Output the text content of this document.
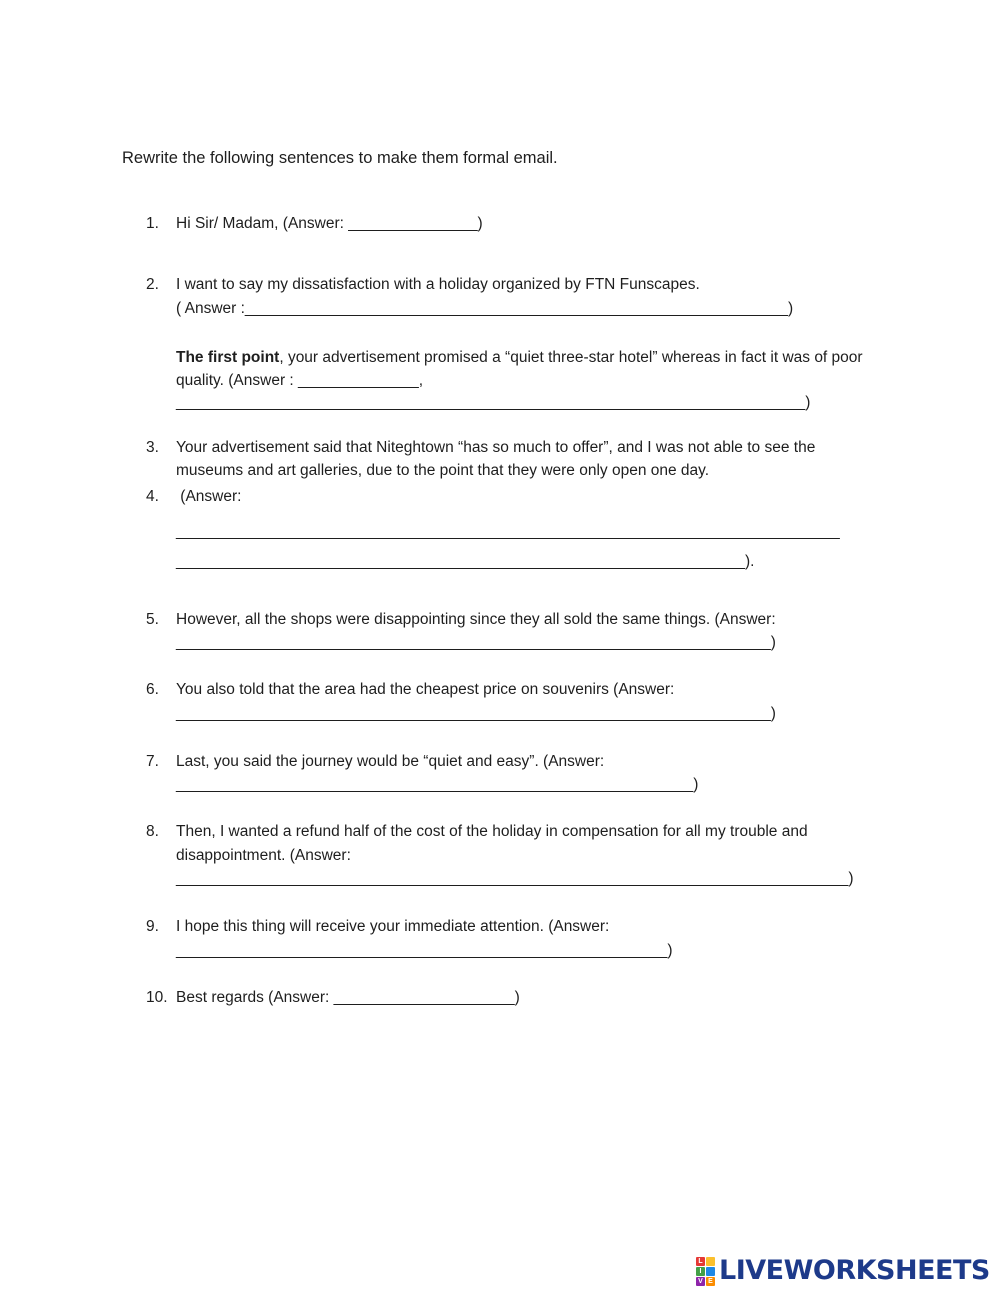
Rewrite the following sentences to make them formal email.

1. Hi Sir/ Madam, (Answer: _______________)
2. I want to say my dissatisfaction with a holiday organized by FTN Funscapes.
( Answer :_______________________________________________________________)
The first point, your advertisement promised a “quiet three-star hotel” whereas in fact it was of poor
quality. (Answer : ______________,
_________________________________________________________________________)
3. Your advertisement said that Niteghtown “has so much to offer”, and I was not able to see the
museums and art galleries, due to the point that they were only open one day.
4. (Answer:
_____________________________________________________________________________
__________________________________________________________________).
5. However, all the shops were disappointing since they all sold the same things. (Answer:
_____________________________________________________________________)
6. You also told that the area had the cheapest price on souvenirs (Answer:
_____________________________________________________________________)
7. Last, you said the journey would be “quiet and easy”. (Answer:
____________________________________________________________)
8. Then, I wanted a refund half of the cost of the holiday in compensation for all my trouble and
disappointment. (Answer:
______________________________________________________________________________)
9. I hope this thing will receive your immediate attention. (Answer:
_________________________________________________________)
10. Best regards (Answer: _____________________)
L
I
V E LIVEWORKSHEETS
